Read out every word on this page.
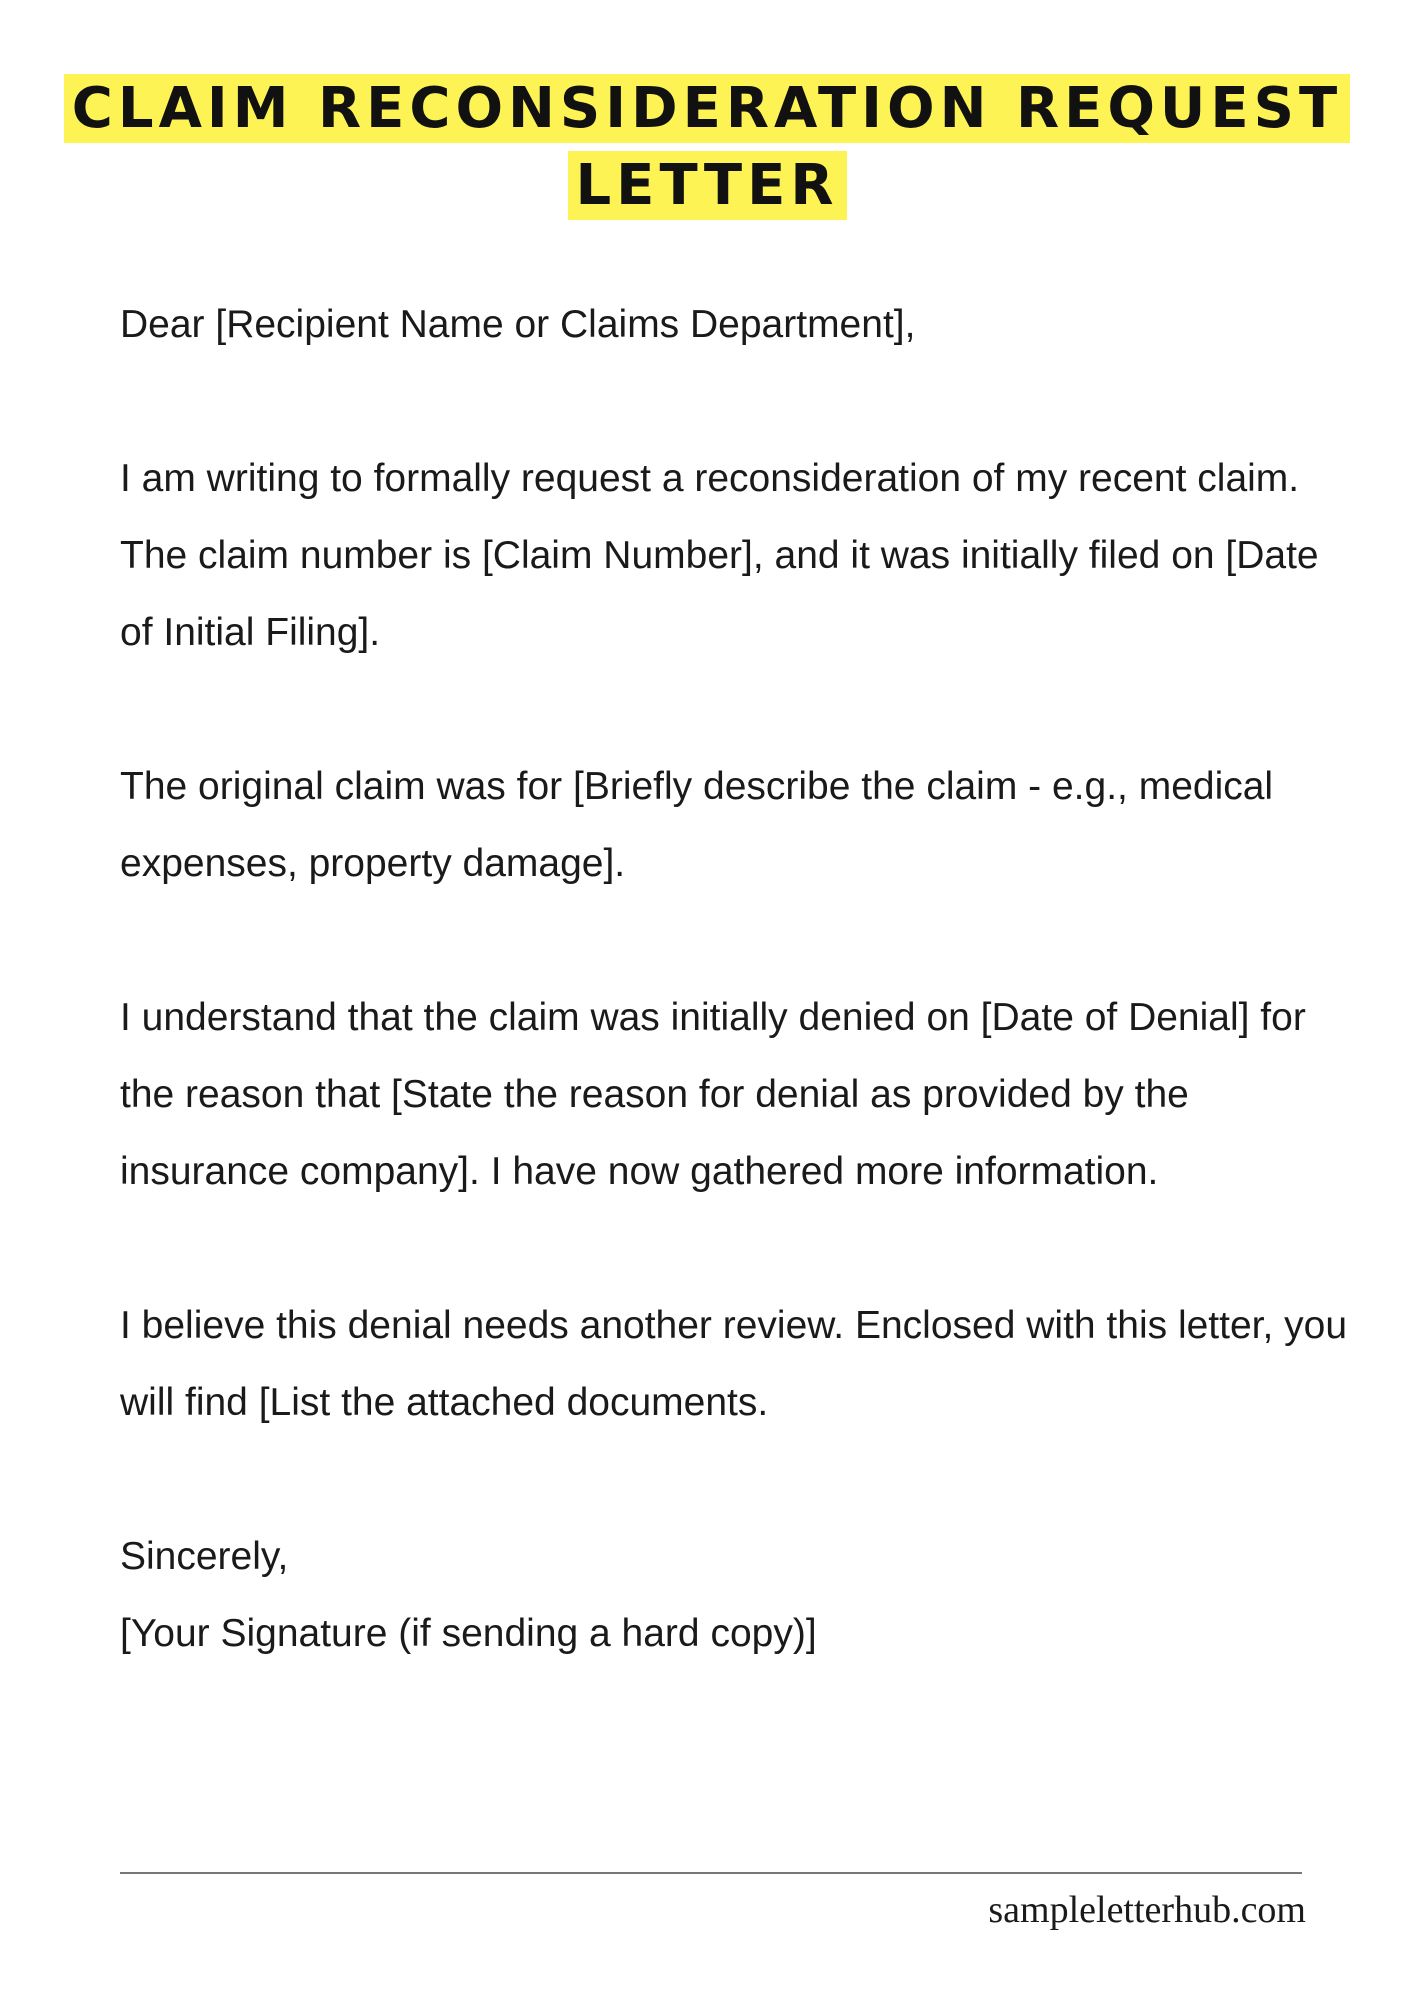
CLAIM RECONSIDERATION REQUEST LETTER

Dear [Recipient Name or Claims Department],

I am writing to formally request a reconsideration of my recent claim. The claim number is [Claim Number], and it was initially filed on [Date of Initial Filing].

The original claim was for [Briefly describe the claim - e.g., medical expenses, property damage].

I understand that the claim was initially denied on [Date of Denial] for the reason that [State the reason for denial as provided by the insurance company]. I have now gathered more information.

I believe this denial needs another review. Enclosed with this letter, you will find [List the attached documents.

Sincerely,

[Your Signature (if sending a hard copy)]

sampleletterhub.com
